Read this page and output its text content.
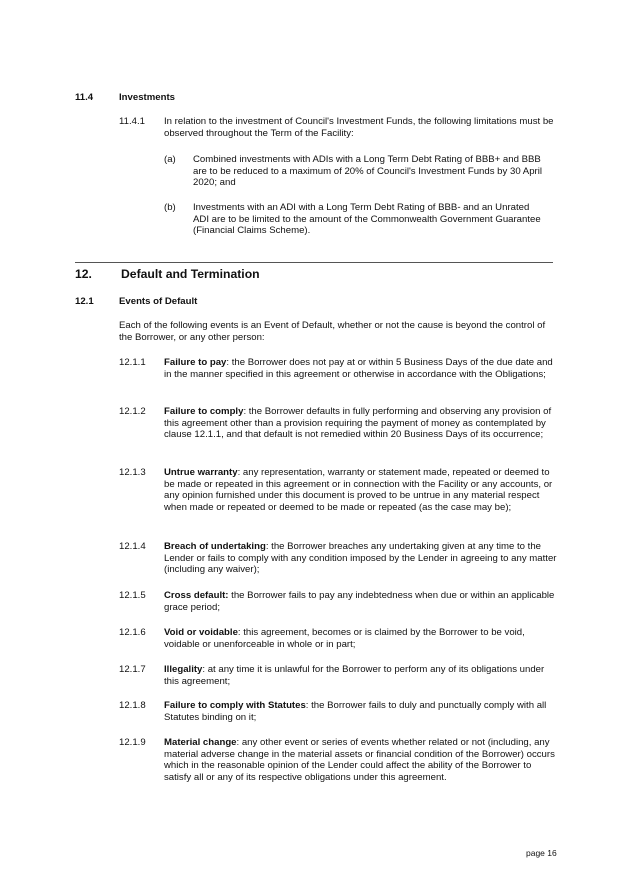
11.4	Investments
11.4.1 In relation to the investment of Council's Investment Funds, the following limitations must be observed throughout the Term of the Facility:
(a) Combined investments with ADIs with a Long Term Debt Rating of BBB+ and BBB are to be reduced to a maximum of 20% of Council's Investment Funds by 30 April 2020; and
(b) Investments with an ADI with a Long Term Debt Rating of BBB- and an Unrated ADI are to be limited to the amount of the Commonwealth Government Guarantee (Financial Claims Scheme).
12. Default and Termination
12.1	Events of Default
Each of the following events is an Event of Default, whether or not the cause is beyond the control of the Borrower, or any other person:
12.1.1 Failure to pay: the Borrower does not pay at or within 5 Business Days of the due date and in the manner specified in this agreement or otherwise in accordance with the Obligations;
12.1.2 Failure to comply: the Borrower defaults in fully performing and observing any provision of this agreement other than a provision requiring the payment of money as contemplated by clause 12.1.1, and that default is not remedied within 20 Business Days of its occurrence;
12.1.3 Untrue warranty: any representation, warranty or statement made, repeated or deemed to be made or repeated in this agreement or in connection with the Facility or any accounts, or any opinion furnished under this document is proved to be untrue in any material respect when made or repeated or deemed to be made or repeated (as the case may be);
12.1.4 Breach of undertaking: the Borrower breaches any undertaking given at any time to the Lender or fails to comply with any condition imposed by the Lender in agreeing to any matter (including any waiver);
12.1.5 Cross default: the Borrower fails to pay any indebtedness when due or within an applicable grace period;
12.1.6 Void or voidable: this agreement, becomes or is claimed by the Borrower to be void, voidable or unenforceable in whole or in part;
12.1.7 Illegality: at any time it is unlawful for the Borrower to perform any of its obligations under this agreement;
12.1.8 Failure to comply with Statutes: the Borrower fails to duly and punctually comply with all Statutes binding on it;
12.1.9 Material change: any other event or series of events whether related or not (including, any material adverse change in the material assets or financial condition of the Borrower) occurs which in the reasonable opinion of the Lender could affect the ability of the Borrower to satisfy all or any of its respective obligations under this agreement.
page 16
